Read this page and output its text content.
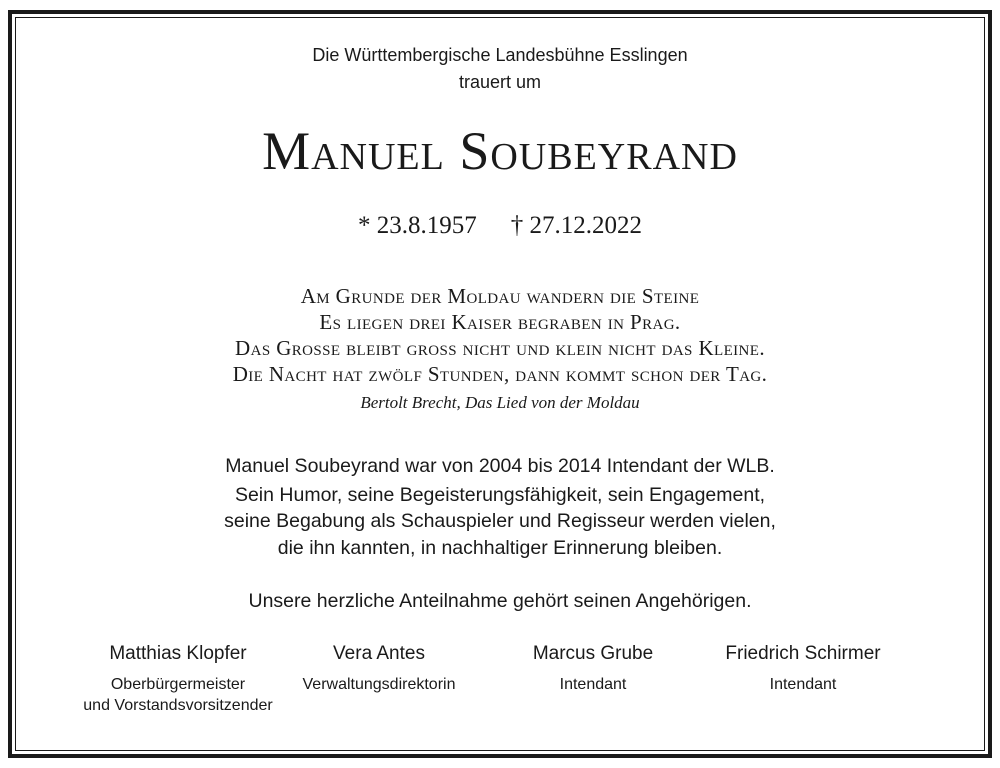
Die Württembergische Landesbühne Esslingen
trauert um
Manuel Soubeyrand
* 23.8.1957 † 27.12.2022
Am Grunde der Moldau wandern die Steine
Es liegen drei Kaiser begraben in Prag.
Das Grosse bleibt gross nicht und klein nicht das Kleine.
Die Nacht hat zwölf Stunden, dann kommt schon der Tag.
Bertolt Brecht, Das Lied von der Moldau
Manuel Soubeyrand war von 2004 bis 2014 Intendant der WLB.
Sein Humor, seine Begeisterungsfähigkeit, sein Engagement,
seine Begabung als Schauspieler und Regisseur werden vielen,
die ihn kannten, in nachhaltiger Erinnerung bleiben.
Unsere herzliche Anteilnahme gehört seinen Angehörigen.
Matthias Klopfer
Oberbürgermeister
und Vorstandsvorsitzender
Vera Antes
Verwaltungsdirektorin
Marcus Grube
Intendant
Friedrich Schirmer
Intendant
